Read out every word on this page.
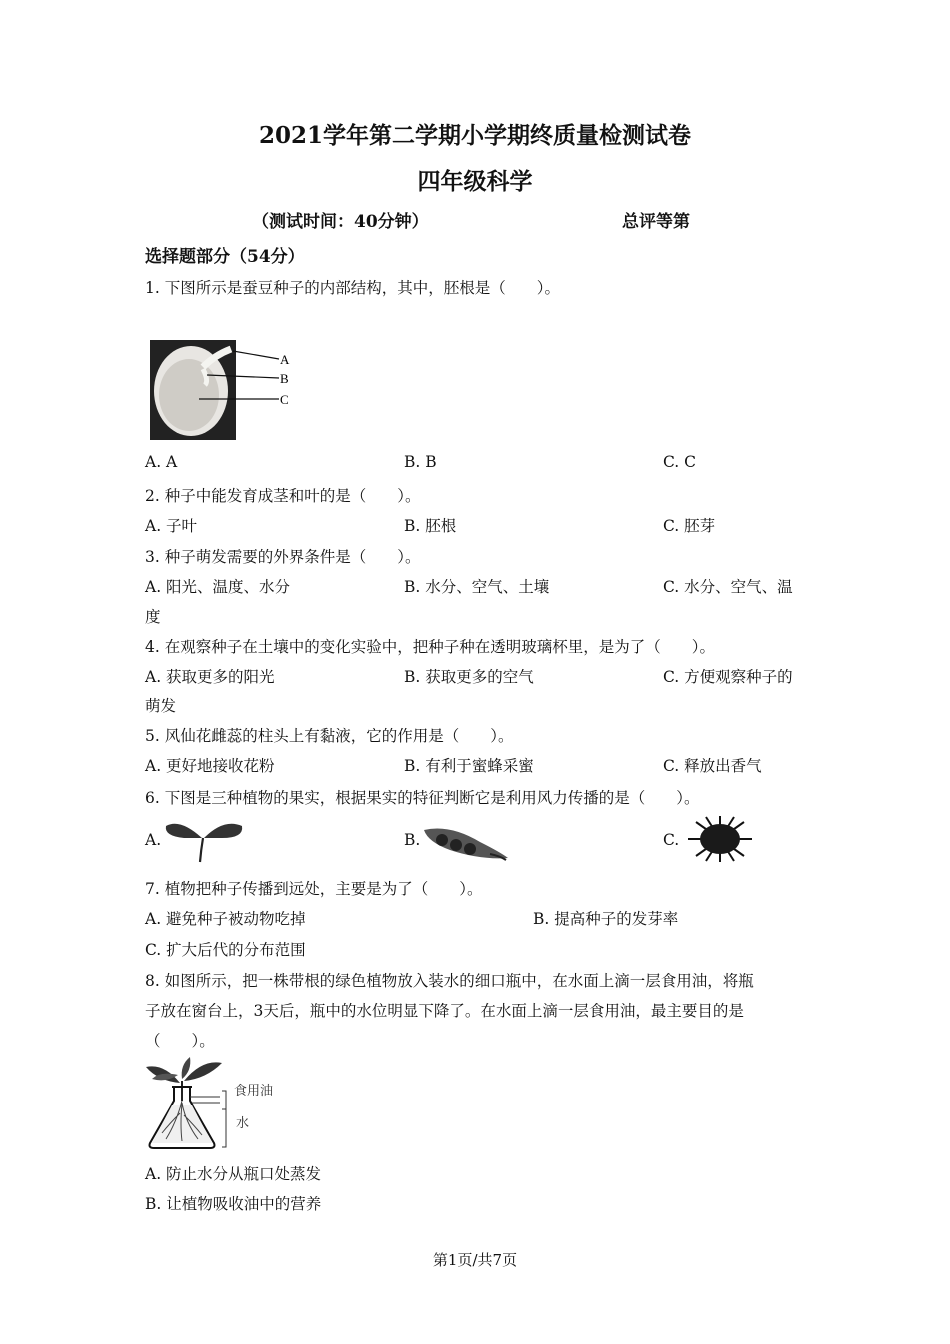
2021学年第二学期小学期终质量检测试卷
四年级科学
（测试时间：40分钟）	总评等第
选择题部分（54分）
1. 下图所示是蚕豆种子的内部结构，其中，胚根是（　　）。
A
B
C
A. A	B. B	C. C
2. 种子中能发育成茎和叶的是（　　）。
A. 子叶	B. 胚根	C. 胚芽
3. 种子萌发需要的外界条件是（　　）。
A. 阳光、温度、水分	B. 水分、空气、土壤	C. 水分、空气、温
度
4. 在观察种子在土壤中的变化实验中，把种子种在透明玻璃杯里，是为了（　　）。
A. 获取更多的阳光	B. 获取更多的空气	C. 方便观察种子的
萌发
5. 风仙花雌蕊的柱头上有黏液，它的作用是（　　）。
A. 更好地接收花粉	B. 有利于蜜蜂采蜜	C. 释放出香气
6. 下图是三种植物的果实，根据果实的特征判断它是利用风力传播的是（　　）。
A.	B.	C.
7. 植物把种子传播到远处，主要是为了（　　）。
A. 避免种子被动物吃掉	B. 提高种子的发芽率
C. 扩大后代的分布范围
8. 如图所示，把一株带根的绿色植物放入装水的细口瓶中，在水面上滴一层食用油，将瓶
子放在窗台上，3天后，瓶中的水位明显下降了。在水面上滴一层食用油，最主要目的是
（　　）。
食用油
水
A. 防止水分从瓶口处蒸发
B. 让植物吸收油中的营养
第1页/共7页
